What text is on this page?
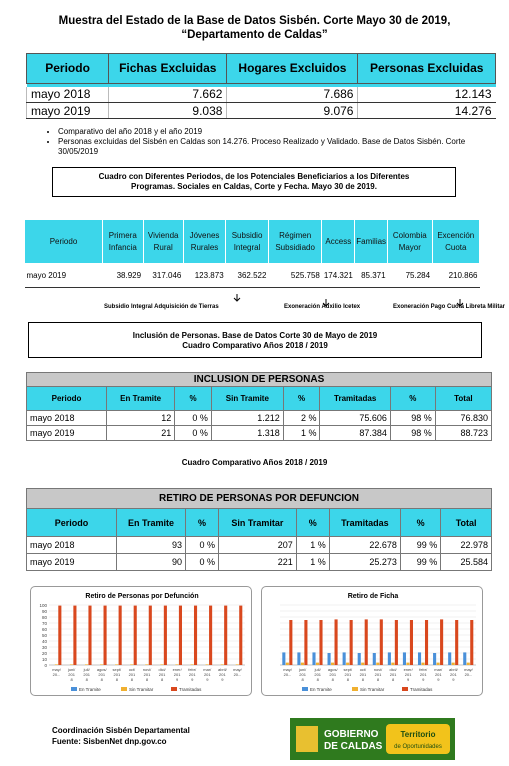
Muestra del Estado de la Base de Datos Sisbén. Corte Mayo 30 de 2019,
“Departamento de Caldas”
Periodo	Fichas Excluidas	Hogares Excluidos	Personas Excluidas

mayo 2018	7.662	7.686	12.143
mayo 2019	9.038	9.076	14.276
• Comparativo del año 2018 y el año 2019
• Personas excluidas del Sisbén en Caldas son 14.276. Proceso Realizado y Validado. Base de Datos Sisbén. Corte 30/05/2019
Cuadro con Diferentes Periodos, de los Potenciales Beneficiarios a los Diferentes
Programas. Sociales en Caldas, Corte y Fecha. Mayo 30 de 2019.
Periodo	Primera Infancia	Vivienda Rural	Jóvenes Rurales	Subsidio Integral	Régimen Subsidiado	Access	Familias	Colombia Mayor	Excención Cuota
mayo 2019	38.929	317.046	123.873	362.522	525.758	174.321	85.371	75.284	210.866
Subsidio Integral Adquisición de Tierras	Exoneración Auxilio Icetex	Exoneración Pago Cuota Libreta Militar
Inclusión de Personas. Base de Datos Corte 30 de Mayo de 2019
Cuadro Comparativo Años 2018 / 2019
INCLUSION DE PERSONAS							
Periodo	En Tramite	%	Sin Tramite	%	Tramitadas	%	Total
mayo 2018	12	0 %	1.212	2 %	75.606	98 %	76.830
mayo 2019	21	0 %	1.318	1 %	87.384	98 %	88.723
Cuadro Comparativo Años 2018 / 2019
RETIRO DE PERSONAS POR DEFUNCION							
Periodo	En Tramite	%	Sin Tramitar	%	Tramitadas	%	Total
mayo 2018	93	0 %	207	1 %	22.678	99 %	22.978
mayo 2019	90	0 %	221	1 %	25.273	99 %	25.584
Retiro de Personas por Defunción
0
10
20
30
40
50
60
70
80
90
100
may/
20...
juni/
201
8
juli/
201
8
agos/
201
8
sept/
201
8
oct/
201
8
novi/
201
8
dici/
201
8
ener/
201
9
febr/
201
9
mar/
201
9
abril/
201
9
may/
20...
En Tramite	Sin Tramitar	Tramitadas
Retiro de Ficha
may/
20...
juni/
201
8
juli/
201
8
agos/
201
8
sept/
201
8
oct/
201
8
novi/
201
8
dici/
201
8
ener/
201
9
febr/
201
9
mar/
201
9
abril/
201
9
may/
20...
En Tramite	Sin Tramitar	Tramitadas
Coordinación Sisbén Departamental
Fuente: SisbenNet dnp.gov.co
GOBIERNO
DE CALDAS
Territorio
de Oportunidades
